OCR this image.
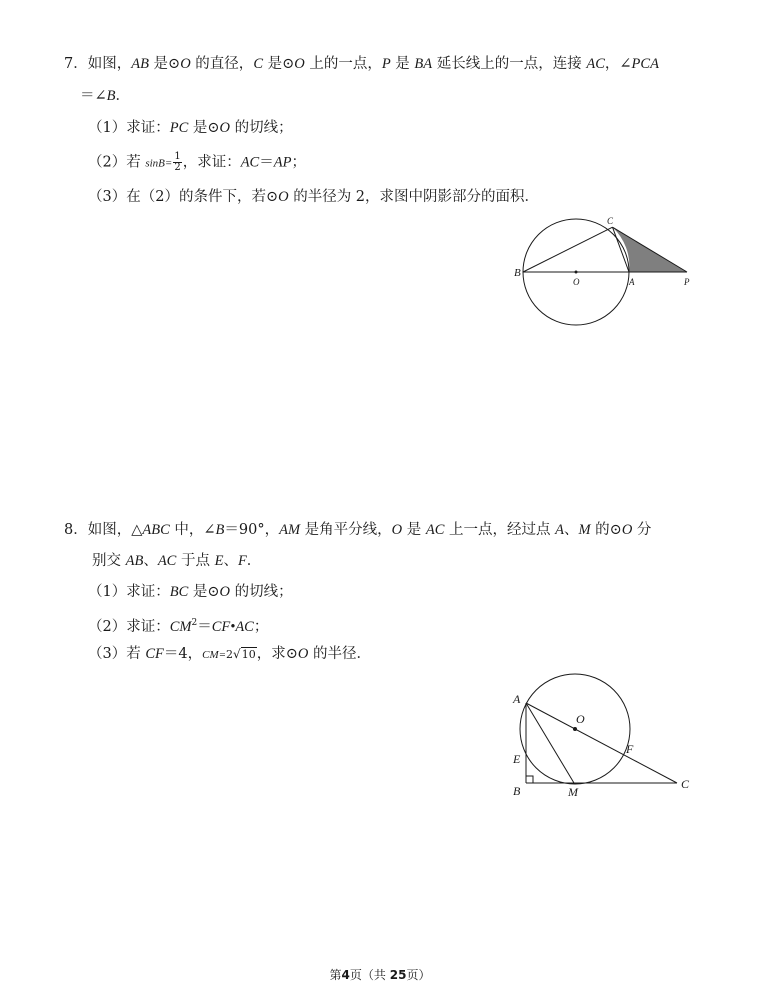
7．如图，AB 是⊙O 的直径，C 是⊙O 上的一点，P 是 BA 延长线上的一点，连接 AC，∠PCA
＝∠B．
（1）求证：PC 是⊙O 的切线；
（2）若 $\sin B= \frac{1}{2}$ ，求证：AC＝AP；
（3）在（2）的条件下，若⊙O 的半径为 2，求图中阴影部分的面积．
B
O	A	P
C
8．如图，△ABC 中，∠B＝90°，AM 是角平分线，O 是 AC 上一点，经过点 A、M 的⊙O 分
别交 AB、AC 于点 E、F．
（1）求证：BC 是⊙O 的切线；
（2）求证：$CM^2=CF•AC$；
（3）若 CF＝4，CM=2√10，求⊙O 的半径．
A
O
F
E
B	M
C
第4页（共 25页）
